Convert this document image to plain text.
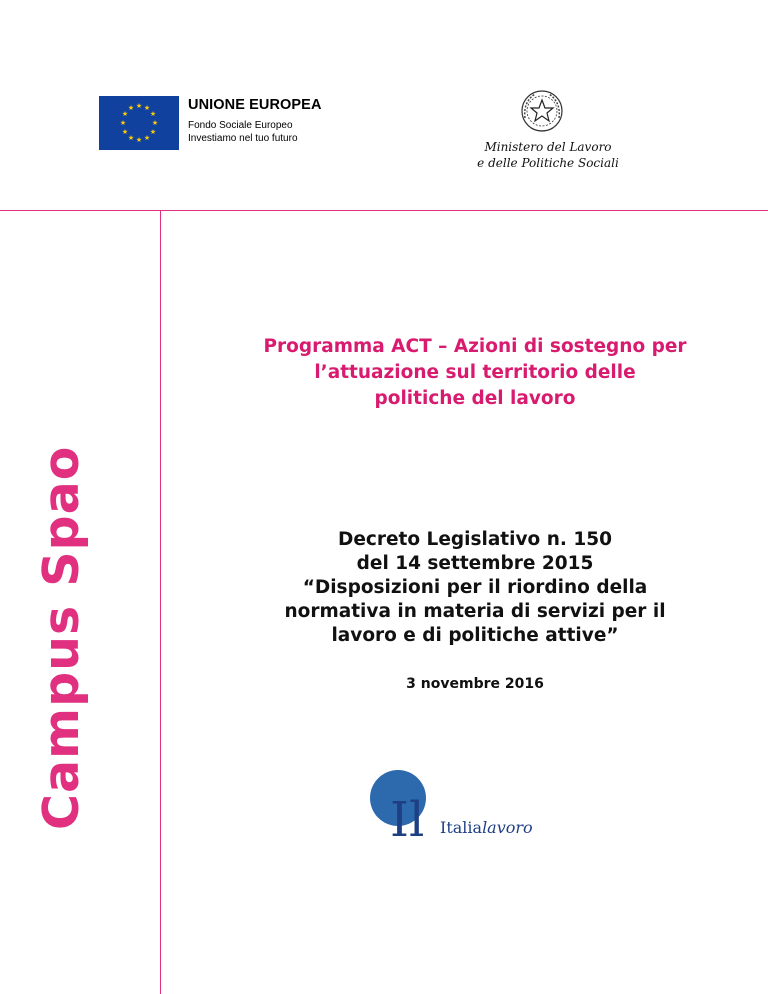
Campus Spao
★ ★
★
★
★
★
★
★
★
★
★
★	UNIONE EUROPEA
Fondo Sociale Europeo
Investiamo nel tuo futuro
Ministero del Lavoro
e delle Politiche Sociali
Programma ACT – Azioni di sostegno per
l’attuazione sul territorio delle
politiche del lavoro
Decreto Legislativo n. 150
del 14 settembre 2015
“Disposizioni per il riordino della
normativa in materia di servizi per il
lavoro e di politiche attive”
3 novembre 2016
Il Italialavoro
